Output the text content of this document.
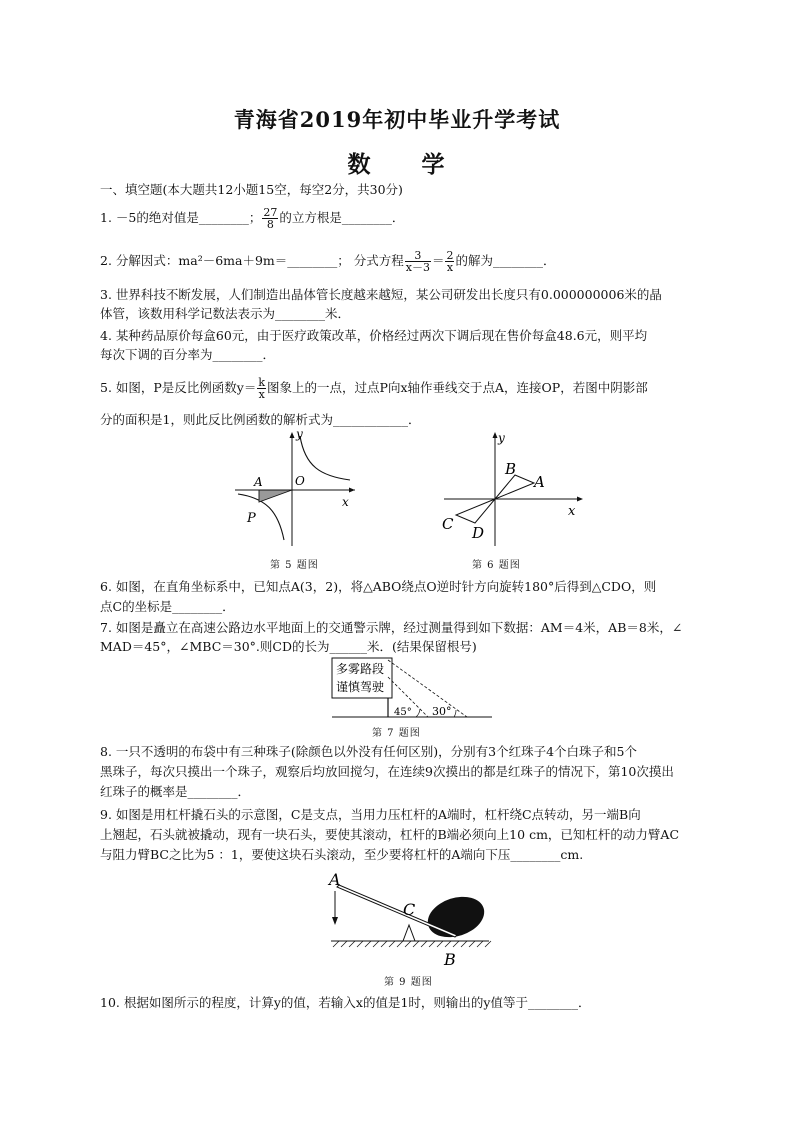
青海省2019年初中毕业升学考试
数　学
一、填空题(本大题共12小题15空，每空2分，共30分)
1. －5的绝对值是________； $\frac{27}{8}$ 的立方根是________．
2. 分解因式：ma²－6ma＋9m＝________； 分式方程 $\frac{3}{x-3} = \frac{2}{x}$ 的解为________．
3. 世界科技不断发展，人们制造出晶体管长度越来越短，某公司研发出长度只有0.000000006米的晶
体管，该数用科学记数法表示为________米．
4. 某种药品原价每盒60元，由于医疗政策改革，价格经过两次下调后现在售价每盒48.6元，则平均
每次下调的百分率为________．
5. 如图，P是反比例函数$y= \frac{k}{x}$ 图象上的一点，过点P向x轴作垂线交于点A，连接OP，若图中阴影部
分的面积是1，则此反比例函数的解析式为____________．
y
x
O
A
P
第 5 题图
y
x
A
B
C D
第 6 题图
6. 如图，在直角坐标系中，已知点A(3，2)，将△ABO绕点O逆时针方向旋转180°后得到△CDO，则
点C的坐标是________．
7. 如图是矗立在高速公路边水平地面上的交通警示牌，经过测量得到如下数据：AM＝4米，AB＝8米，∠
MAD＝45°，∠MBC＝30°.则CD的长为______米．(结果保留根号)
多雾路段
谨慎驾驶
45° 30°
第 7 题图
8. 一只不透明的布袋中有三种珠子(除颜色以外没有任何区别)，分别有3个红珠子4个白珠子和5个
黑珠子，每次只摸出一个珠子，观察后均放回搅匀，在连续9次摸出的都是红珠子的情况下，第10次摸出
红珠子的概率是________．
9. 如图是用杠杆撬石头的示意图，C是支点，当用力压杠杆的A端时，杠杆绕C点转动，另一端B向
上翘起，石头就被撬动，现有一块石头，要使其滚动，杠杆的B端必须向上10 cm，已知杠杆的动力臂AC
与阻力臂BC之比为5 ：1，要使这块石头滚动，至少要将杠杆的A端向下压________cm.
A
C
B
第 9 题图
10. 根据如图所示的程度，计算y的值，若输入x的值是1时，则输出的y值等于________．
